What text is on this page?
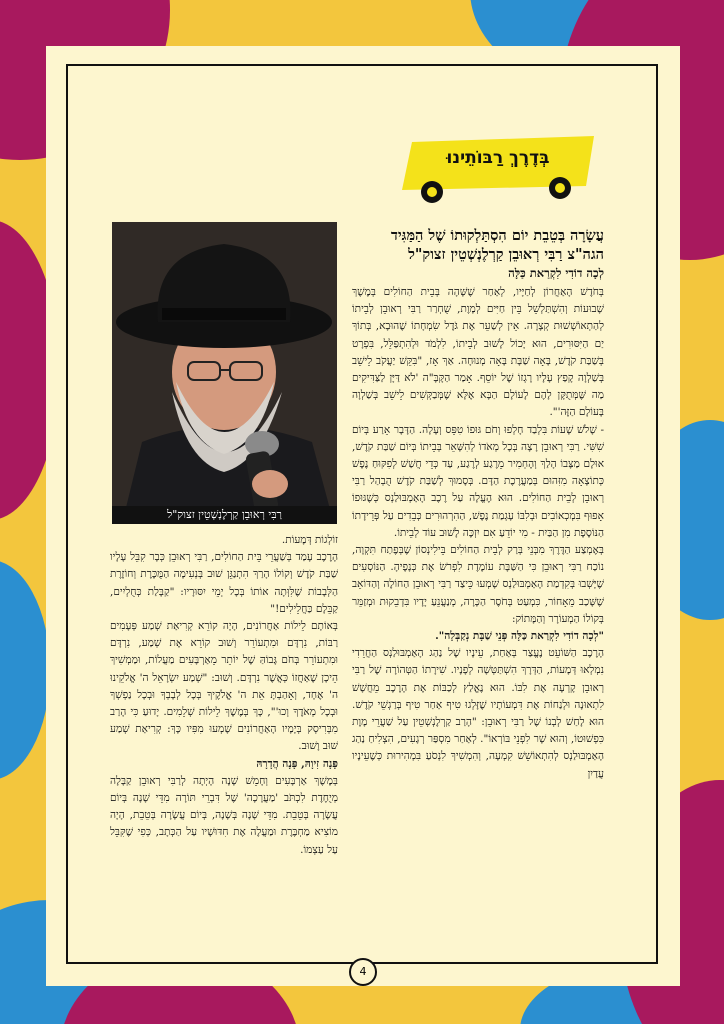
בְּדֶרֶךְ רַבּוֹתֵינוּ
עֲשָׂרָה בְּטֵבֵת יוֹם הִסְתַּלְקוּתוֹ שֶׁל הַמַּגִּיד הגה"צ רַבִּי רְאוּבֵן קַרְלֶנְשְׁטֵין זצוק"ל
לְכָה דוֹדִי לִקְרַאת כַּלָּה
רַבִּי רְאוּבֵן קַרְלֶנְשְׁטֵין זצוק"ל

בְּחֹדֶשׁ הָאַחֲרוֹן לְחַיָּיו, לְאַחַר שֶׁשָּׁהָה בְּבֵית הַחוֹלִים בְּמֶשֶׁךְ שָׁבוּעוֹת וְהִשְׁתַּלְשֵׁל בֵּין חַיִּים לְמָוֶת, שֻׁחְרַר רַבִּי רְאוּבֵן לְבֵיתוֹ לְהַתְאוֹשְׁשׁוּת קְצָרָה. אֵין לְשַׁעֵר אֶת גֹּדֶל שִׂמְחָתוֹ שֶׁהוּבָא, בְּתוֹךְ יַם הַיִּסּוּרִים, הוּא יָכוֹל לָשׁוּב לְבֵיתוֹ, לִלְמֹד וּלְהִתְפַּלֵּל, בִּפְרָט בְּשַׁבַּת קֹדֶשׁ, בָּאָה שַׁבָּת בָּאָה מְנוּחָה. אַךְ אָז, "בִּקֵּשׁ יַעֲקֹב לֵישֵׁב בְּשַׁלְוָה קָפַץ עָלָיו רָגְזוֹ שֶׁל יוֹסֵף. אָמַר הַקָּבָּ"ה 'לֹא דַּיָּן לַצַּדִּיקִים מַה שֶּׁמְּתֻקָּן לָהֶם לָעוֹלָם הַבָּא אֶלָּא שֶׁמְּבַקְּשִׁים לֵישֵׁב בְּשַׁלְוָה בָּעוֹלָם הַזֶּה'".

- שָׁלֹשׁ שָׁעוֹת בִּלְבַד חָלְפוּ וְחֹם גּוּפוֹ טִפֵּס וְעָלָה. הַדָּבָר אֵרַע בְּיוֹם שִׁשִּׁי. רַבִּי רְאוּבֵן רָצָה בְּכָל מְאֹדוֹ לְהִשָּׁאֵר בְּבֵיתוֹ בְּיוֹם שַׁבַּת קֹדֶשׁ, אוּלָם מַצָּבוֹ הָלַךְ וְהֶחְמִיר מֵרֶגַע לְרֶגַע, עַד כְּדֵי חֲשַׁשׁ לְפִקּוּחַ נֶפֶשׁ כְּתוֹצָאָה מִזִּהוּם בְּמַעֲרֶכֶת הַדָּם. בְּסָמוּךְ לְשַׁבַּת קֹדֶשׁ הֻבְהַל רַבִּי רְאוּבֵן לְבֵית הַחוֹלִים. הוּא הֶעֱלָה עַל רֶכֶב הָאַמְבּוּלַנְס כְּשֶׁגּוּפוֹ אָפוּף בִּמְכְאוֹבִים וּבְלִבּוֹ עָגְמַת נֶפֶשׁ, הַהִרְהוּרִים כְּבֵדִים עַל פְּרֵידָתוֹ הַנּוֹסֶפֶת מִן הַבַּיִת - מִי יוֹדֵעַ אִם יִזְכֶּה לָשׁוּב עוֹד לְבֵיתוֹ.

בְּאֶמְצַע הַדֶּרֶךְ מִבְּנֵי בְּרַק לְבֵית הַחוֹלִים בֵּילִינְסוֹן שֶׁבְּפֶתַח תִּקְוָה, נוֹכַח רַבִּי רְאוּבֵן כִּי הַשַּׁבָּת עוֹמֶדֶת לִפְרֹשׂ אֶת כְּנָפֶיהָ. הַנּוֹסְעִים שֶׁיָּשְׁבוּ בְּקִדְמַת הָאַמְבּוּלַנְס שָׁמְעוּ כֵּיצַד רַבִּי רְאוּבֵן הַחוֹלֶה וְהַדּוֹאֵב שֶׁשָּׁכַב מֵאָחוֹר, כִּמְעַט בְּחֹסֶר הַכָּרָה, מְנַעֲנֵעַ יָדָיו בִּדְבֵקוּת וּמְזַמֵּר בְּקוֹלוֹ הַמְעוֹרָר וְהַמָּתוֹק:

"לְכָה דוֹדִי לִקְרַאת כַּלָּה פְּנֵי שַׁבָּת נְקַבְּלָה".

הָרֶכֶב הַשּׁוֹעֵט נֶעֱצַר בְּאַחַת, עֵינָיו שֶׁל נַהַג הָאַמְבּוּלַנְס הַחֲרֵדִי נִמְלְאוּ דְּמָעוֹת, הַדְּרָךְ הִשְׁתַּטְּשָׁה לְפָנָיו. שִׁירָתוֹ הַטְּהוֹרָה שֶׁל רַבִּי רְאוּבֵן קָרְעָה אֶת לִבּוֹ. הוּא נֶאֱלַץ לְכַבּוֹת אֶת הָרֶכֶב מֵחֲשָׁשׁ לִתְאוּנָה וּלְנַחוֹת אֶת דִּמְעוֹתָיו שֶׁזָּלְגוּ טִיף אַחַר טִיף בְּרַגְשֵׁי קֹדֶשׁ. הוּא לָחַשׁ לְבְנוֹ שֶׁל רַבִּי רְאוּבֵן: "הָרַב קַרְלֶנְשְׁטֵין עַל שַׁעֲרֵי מָוֶת כִּפְשׁוּטוֹ, וְהוּא שָׁר לִפְנֵי בּוֹרְאוֹ". לְאַחַר מִסְפַּר רְגָעִים, הִצְלִיחַ נַהַג הָאַמְבּוּלַנְס לְהִתְאוֹשֵׁשׁ קִמְעָה, וְהִמְשִׁיךְ לִנְסֹעַ בִּמְהִירוּת כְּשֶׁעֵינָיו עֲדַיִן

זוֹלְגוֹת דְּמָעוֹת.

הָרֶכֶב עָמַד בְּשַׁעֲרֵי בֵּית הַחוֹלִים, רַבִּי רְאוּבֵן כְּבָר קִבֵּל עָלָיו שַׁבַּת קֹדֶשׁ וְקוֹלוֹ הָרַךְ הִתְנַגֵּן שׁוּב בְּנְעִימָה הַמֻּכֶּרֶת וְחוֹזֶרֶת הַלְּבָבוֹת שֶׁלִּוְּתָה אוֹתוֹ בְּכָל יְמֵי יִסּוּרָיו: "קַבָּלַת כְּחֻלְיִים, קַבֵּלָם כַּחֲלֵילִים!"

בְּאוֹתָם לֵילוֹת אַחֲרוֹנִים, הָיָה קוֹרֵא קְרִיאַת שְׁמַע פְּעָמִים רַבּוֹת, נִרְדָּם וּמִתְעוֹרֵר וְשׁוּב קוֹרֵא אֶת שְׁמַע, נִרְדָּם וּמִתְעוֹרֵר בְּחֹם גָּבוֹהַּ שֶׁל יוֹתֵר מֵאַרְבָּעִים מַעֲלוֹת, וּמַמְשִׁיךְ הֵיכָן שֶׁאַחֲזוֹ כְּאֲשֶׁר נִרְדָּם. וְשׁוּב: "שְׁמַע יִשְׂרָאֵל ה' אֱלֹקֵינוּ ה' אֶחָד, וְאָהַבְתָּ אֵת ה' אֱלֹקֶיךָ בְּכָל לְבָבְךָ וּבְכָל נַפְשְׁךָ וּבְכָל מְאֹדֶךָ וְכוּ'", כָּךְ בְּמֶשֶׁךְ לֵילוֹת שְׁלֵמִים. יָדוּעַ כִּי הָרַב מִבְּרִיסְק בְּיָמָיו הָאַחֲרוֹנִים שָׁמְעוּ מִפִּיו כָּךְ: קְרִיאַת שְׁמַע שׁוּב וָשׁוּב.

פָּנָה זִיוָהּ, פָּנָה הֲדָרָהּ

בְּמֶשֶׁךְ אַרְבָּעִים וְחָמֵשׁ שָׁנָה הָיְתָה לְרַבִּי רְאוּבֵן קַבָּלָה מְיֻחֶדֶת לִכְתֹּב 'מַעֲרָכָה' שֶׁל דִּבְרֵי תּוֹרָה מִדֵּי שָׁנָה בְּיוֹם עֲשָׂרָה בְּטֵבֵת. מִדֵּי שָׁנָה בְּשָׁנָה, בְּיוֹם עֲשָׂרָה בְּטֵבֵת, הָיָה מוֹצִיא מַחְבֶּרֶת וּמַעֲלֶה אֶת חִדּוּשָׁיו עַל הַכְּתָב, כְּפִי שֶׁקִּבֵּל עַל עַצְמוֹ.

4
